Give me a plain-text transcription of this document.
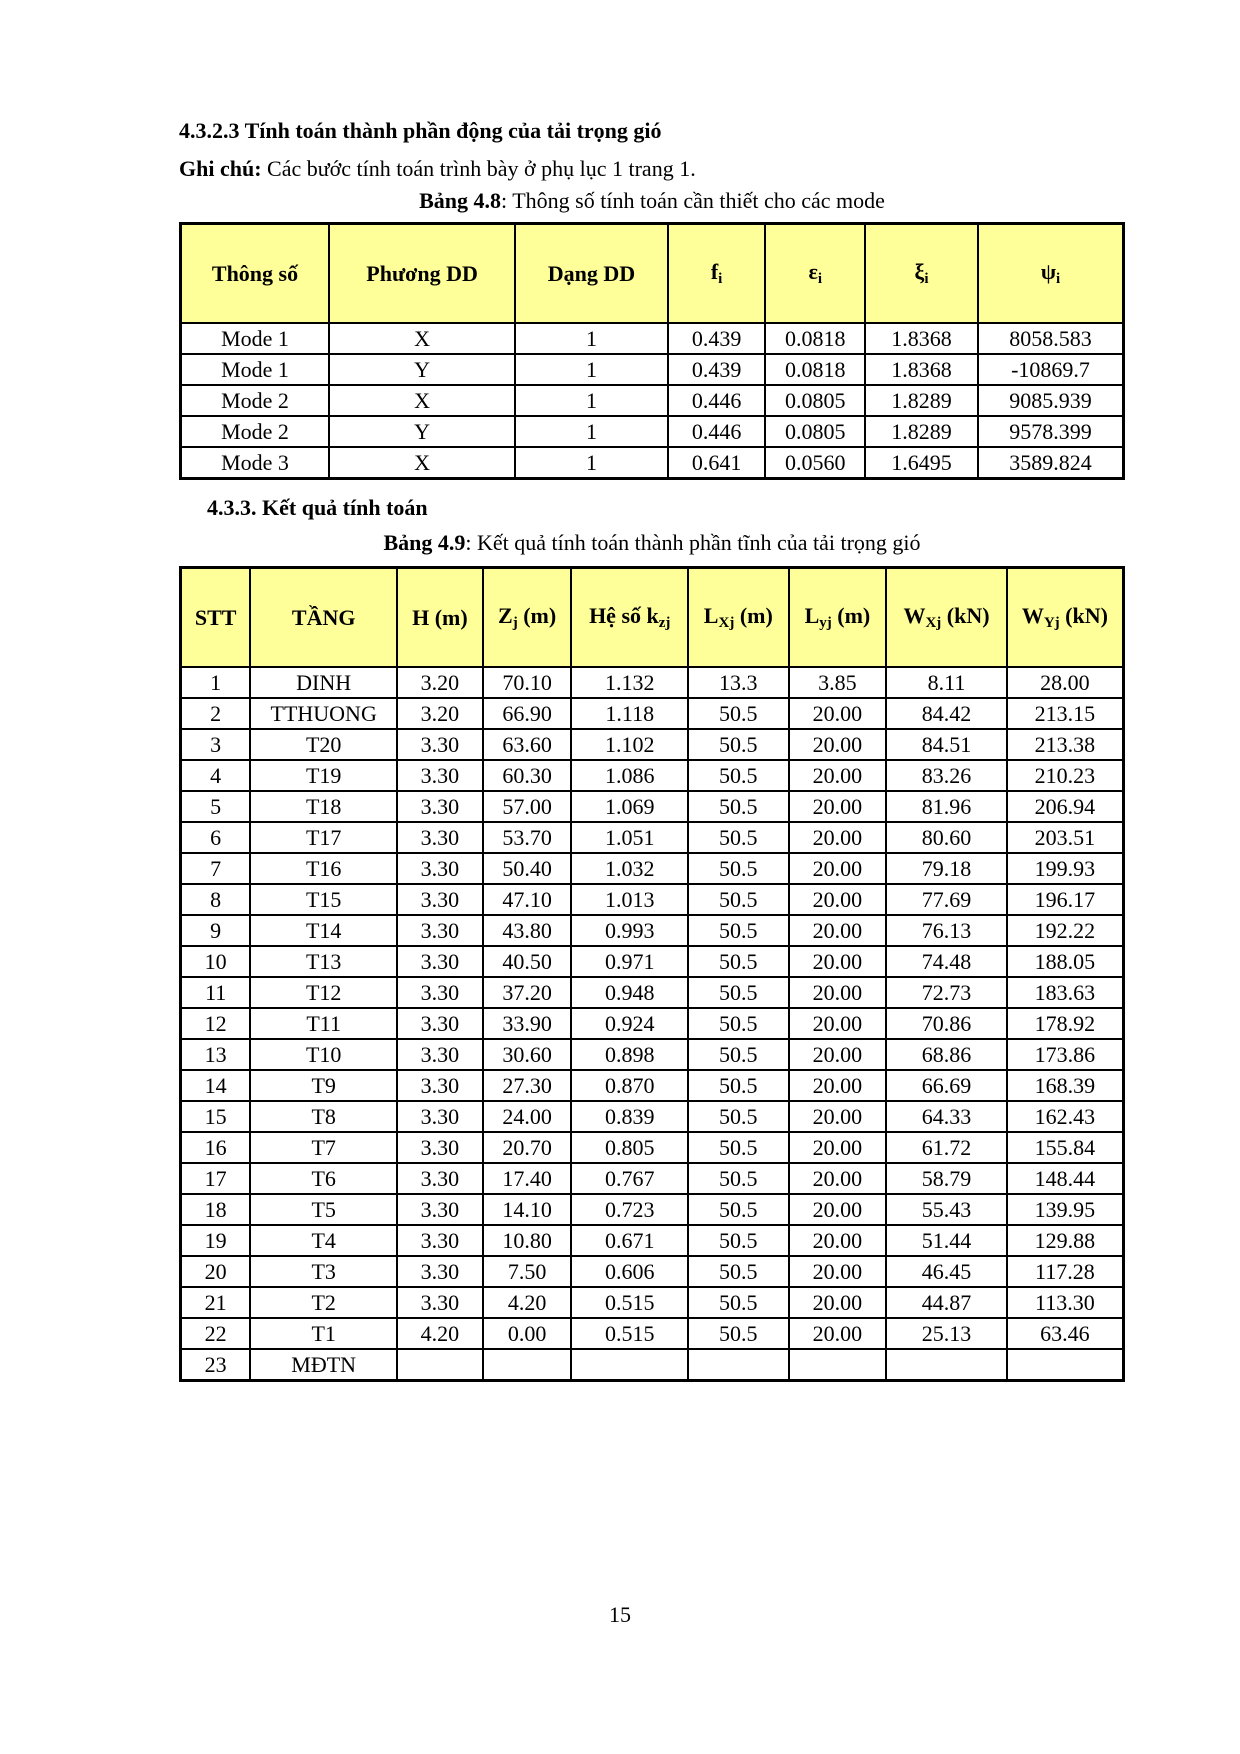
4.3.2.3 Tính toán thành phần động của tải trọng gió
Ghi chú: Các bước tính toán trình bày ở phụ lục 1 trang 1.
Bảng 4.8: Thông số tính toán cần thiết cho các mode
Thông số	Phương DD	Dạng DD	$f_i$	$\varepsilon_i$	$\xi_i$	$\psi_i$
Mode 1	X	1	0.439	0.0818	1.8368	8058.583
Mode 1	Y	1	0.439	0.0818	1.8368	-10869.7
Mode 2	X	1	0.446	0.0805	1.8289	9085.939
Mode 2	Y	1	0.446	0.0805	1.8289	9578.399
Mode 3	X	1	0.641	0.0560	1.6495	3589.824
4.3.3. Kết quả tính toán
Bảng 4.9: Kết quả tính toán thành phần tĩnh của tải trọng gió
STT	TẦNG	H (m)	$Z_j$ (m)	Hệ số $k_{zj}$	$L_{Xj}$ (m)	$L_{yj}$ (m)	$W_{Xj}$ (kN)	$W_{Yj}$ (kN)
1	DINH	3.20	70.10	1.132	13.3	3.85	8.11	28.00
2	TTHUONG	3.20	66.90	1.118	50.5	20.00	84.42	213.15
3	T20	3.30	63.60	1.102	50.5	20.00	84.51	213.38
4	T19	3.30	60.30	1.086	50.5	20.00	83.26	210.23
5	T18	3.30	57.00	1.069	50.5	20.00	81.96	206.94
6	T17	3.30	53.70	1.051	50.5	20.00	80.60	203.51
7	T16	3.30	50.40	1.032	50.5	20.00	79.18	199.93
8	T15	3.30	47.10	1.013	50.5	20.00	77.69	196.17
9	T14	3.30	43.80	0.993	50.5	20.00	76.13	192.22
10	T13	3.30	40.50	0.971	50.5	20.00	74.48	188.05
11	T12	3.30	37.20	0.948	50.5	20.00	72.73	183.63
12	T11	3.30	33.90	0.924	50.5	20.00	70.86	178.92
13	T10	3.30	30.60	0.898	50.5	20.00	68.86	173.86
14	T9	3.30	27.30	0.870	50.5	20.00	66.69	168.39
15	T8	3.30	24.00	0.839	50.5	20.00	64.33	162.43
16	T7	3.30	20.70	0.805	50.5	20.00	61.72	155.84
17	T6	3.30	17.40	0.767	50.5	20.00	58.79	148.44
18	T5	3.30	14.10	0.723	50.5	20.00	55.43	139.95
19	T4	3.30	10.80	0.671	50.5	20.00	51.44	129.88
20	T3	3.30	7.50	0.606	50.5	20.00	46.45	117.28
21	T2	3.30	4.20	0.515	50.5	20.00	44.87	113.30
22	T1	4.20	0.00	0.515	50.5	20.00	25.13	63.46
23	MĐTN							
15
